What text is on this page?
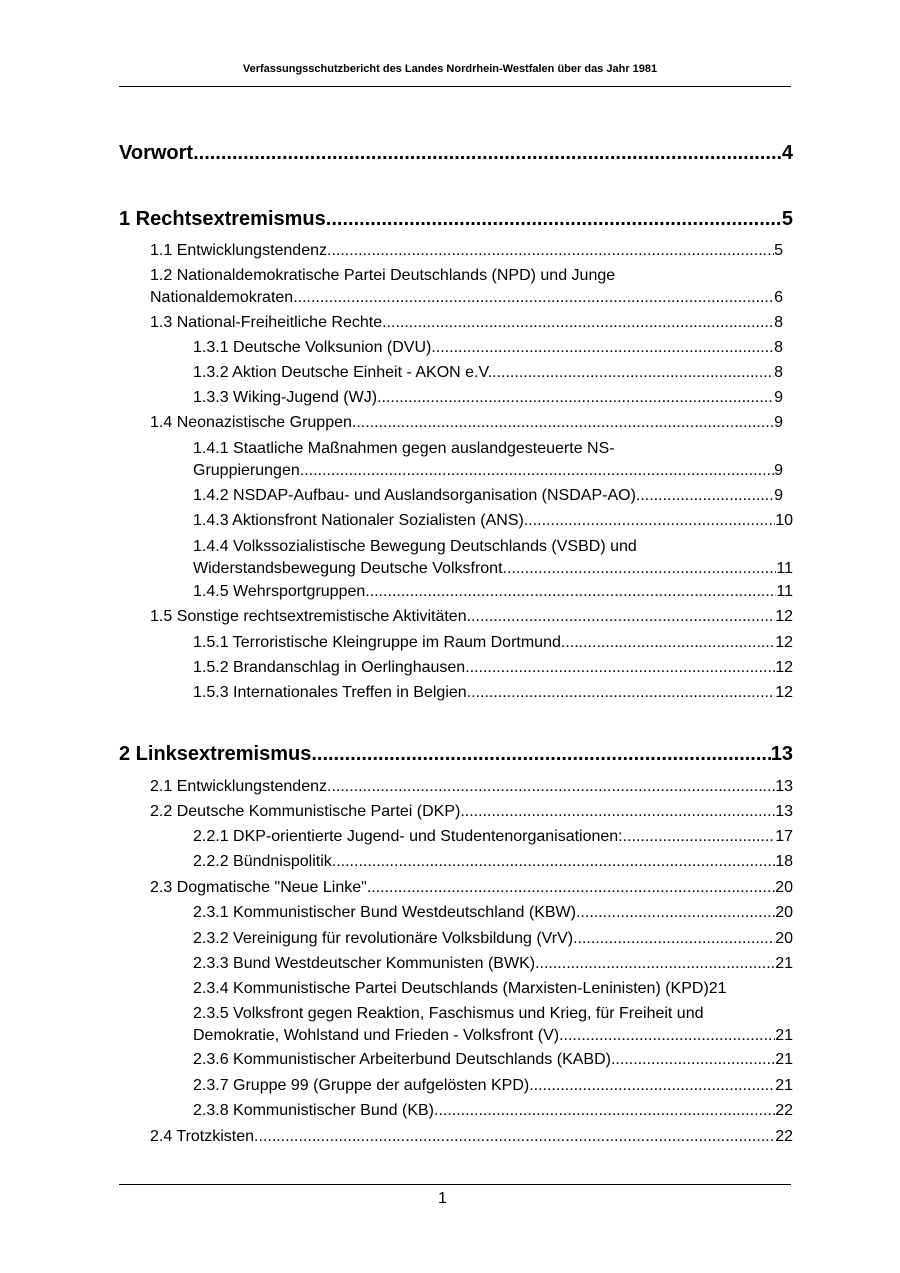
Verfassungsschutzbericht des Landes Nordrhein-Westfalen über das Jahr 1981
Vorwort .....	4
1 Rechtsextremismus .....	5
1.1 Entwicklungstendenz .....	5
1.2 Nationaldemokratische Partei Deutschlands (NPD) und Junge
Nationaldemokraten .....	6
1.3 National-Freiheitliche Rechte .....	8
1.3.1 Deutsche Volksunion (DVU) .....	8
1.3.2 Aktion Deutsche Einheit - AKON e.V. .....	8
1.3.3 Wiking-Jugend (WJ) .....	9
1.4 Neonazistische Gruppen .....	9
1.4.1 Staatliche Maßnahmen gegen auslandgesteuerte NS-
Gruppierungen .....	9
1.4.2 NSDAP-Aufbau- und Auslandsorganisation (NSDAP-AO) .....	9
1.4.3 Aktionsfront Nationaler Sozialisten (ANS) .....	10
1.4.4 Volkssozialistische Bewegung Deutschlands (VSBD) und
Widerstandsbewegung Deutsche Volksfront .....	11
1.4.5 Wehrsportgruppen .....	11
1.5 Sonstige rechtsextremistische Aktivitäten. .....	12
1.5.1 Terroristische Kleingruppe im Raum Dortmund .....	12
1.5.2 Brandanschlag in Oerlinghausen .....	12
1.5.3 Internationales Treffen in Belgien .....	12
2 Linksextremismus .....	13
2.1 Entwicklungstendenz .....	13
2.2 Deutsche Kommunistische Partei (DKP) .....	13
2.2.1 DKP-orientierte Jugend- und Studentenorganisationen: .....	17
2.2.2 Bündnispolitik .....	18
2.3 Dogmatische "Neue Linke" .....	20
2.3.1 Kommunistischer Bund Westdeutschland (KBW) .....	20
2.3.2 Vereinigung für revolutionäre Volksbildung (VrV) .....	20
2.3.3 Bund Westdeutscher Kommunisten (BWK) .....	21
2.3.4 Kommunistische Partei Deutschlands (Marxisten-Leninisten) (KPD) 21
2.3.5 Volksfront gegen Reaktion, Faschismus und Krieg, für Freiheit und
Demokratie, Wohlstand und Frieden - Volksfront (V) .....	21
2.3.6 Kommunistischer Arbeiterbund Deutschlands (KABD) .....	21
2.3.7 Gruppe 99 (Gruppe der aufgelösten KPD) .....	21
2.3.8 Kommunistischer Bund (KB) .....	22
2.4 Trotzkisten .....	22
1
